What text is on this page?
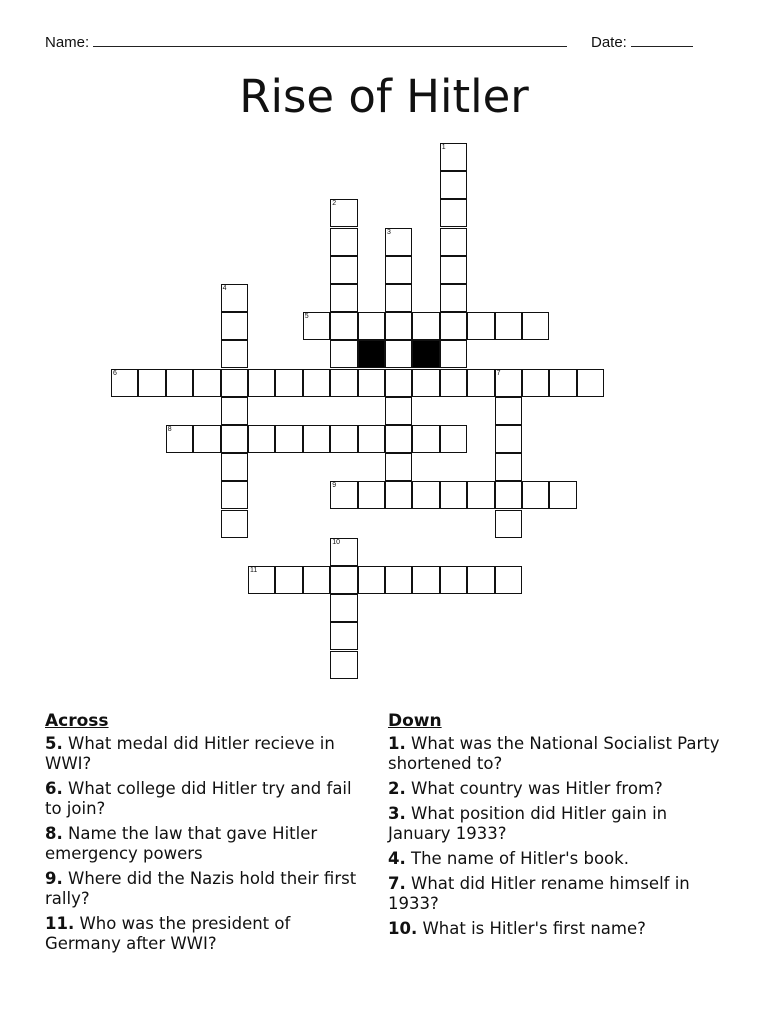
Name:	Date:
Rise of Hitler
1
2
3
4
5
6	7
8
9
10
11
Across
5. What medal did Hitler recieve in WWI?
6. What college did Hitler try and fail to join?
8. Name the law that gave Hitler emergency powers
9. Where did the Nazis hold their first rally?
11. Who was the president of Germany after WWI?
Down
1. What was the National Socialist Party shortened to?
2. What country was Hitler from?
3. What position did Hitler gain in January 1933?
4. The name of Hitler's book.
7. What did Hitler rename himself in 1933?
10. What is Hitler's first name?
